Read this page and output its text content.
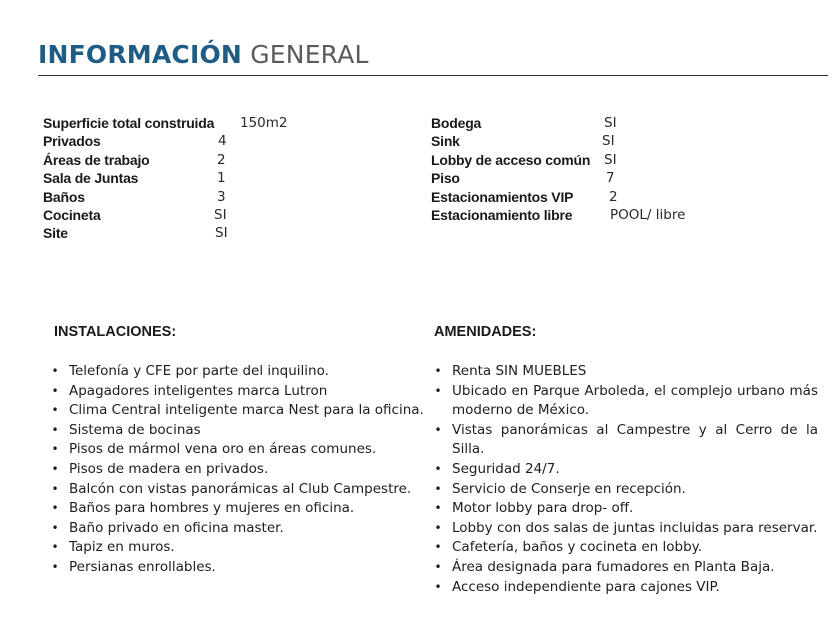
INFORMACIÓN GENERAL
Superficie total construida 150m2
Privados	4
Áreas de trabajo	2
Sala de Juntas	1
Baños	3
Cocineta	SI
Site	SI
Bodega	SI
Sink	SI
Lobby de acceso común SI
Piso	7
Estacionamientos VIP	2
Estacionamiento libre	POOL/ libre
INSTALACIONES:	AMENIDADES:
• Telefonía y CFE por parte del inquilino.
• Apagadores inteligentes marca Lutron
• Clima Central inteligente marca Nest para la oficina.
• Sistema de bocinas
• Pisos de mármol vena oro en áreas comunes.
• Pisos de madera en privados.
• Balcón con vistas panorámicas al Club Campestre.
• Baños para hombres y mujeres en oficina.
• Baño privado en oficina master.
• Tapiz en muros.
• Persianas enrollables.
• Renta SIN MUEBLES
• Ubicado en Parque Arboleda, el complejo urbano más moderno de México.
• Vistas panorámicas al Campestre y al Cerro de la Silla.
• Seguridad 24/7.
• Servicio de Conserje en recepción.
• Motor lobby para drop- off.
• Lobby con dos salas de juntas incluidas para reservar.
• Cafetería, baños y cocineta en lobby.
• Área designada para fumadores en Planta Baja.
• Acceso independiente para cajones VIP.
